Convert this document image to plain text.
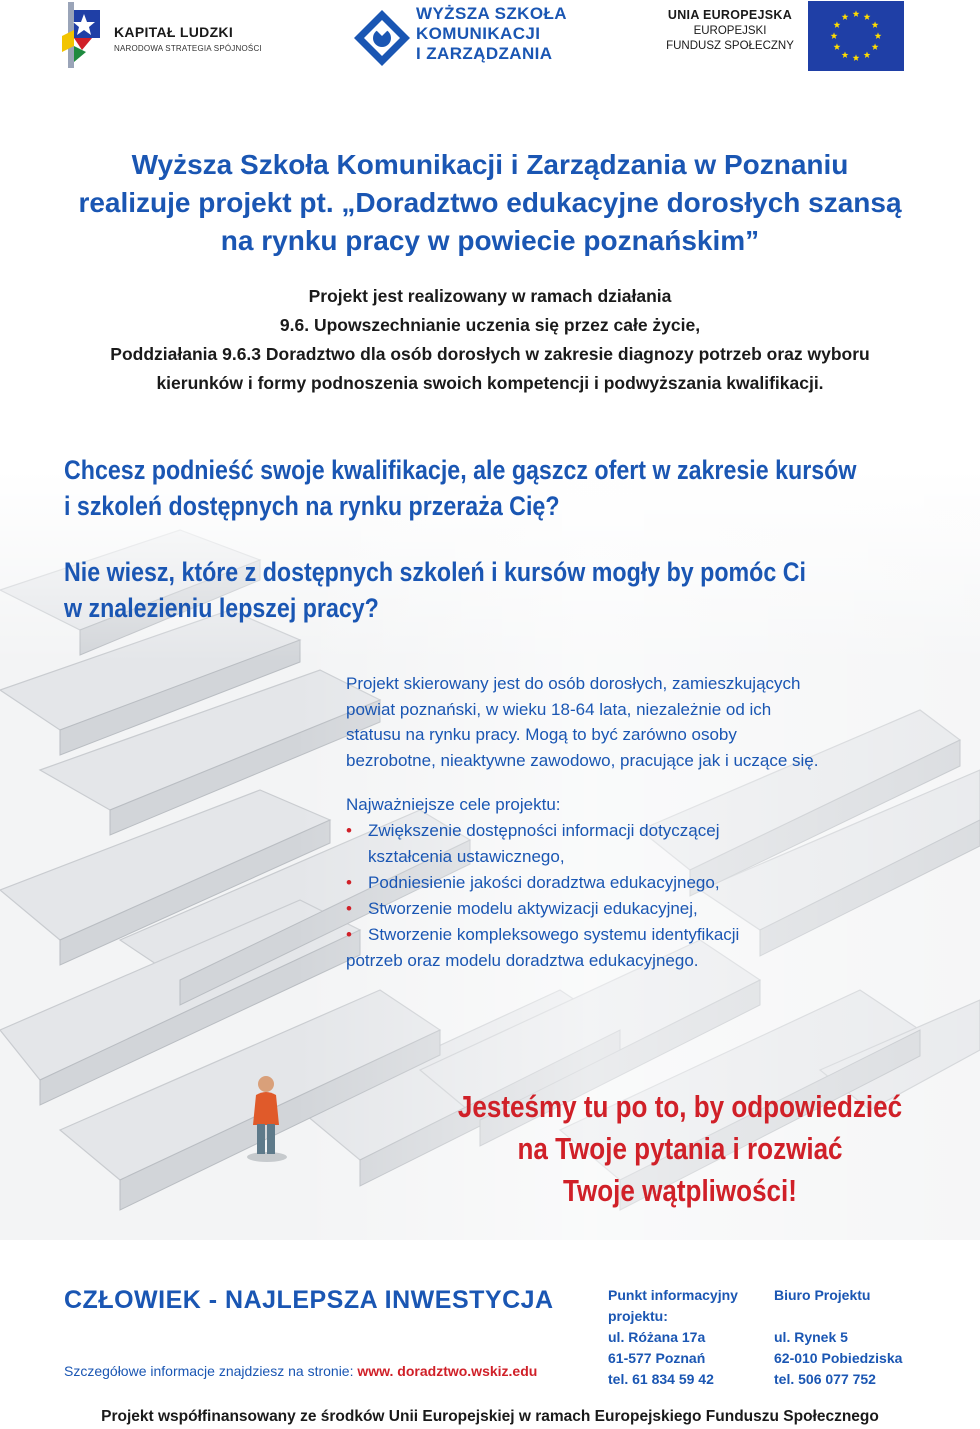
KAPITAŁ LUDZKI
NARODOWA STRATEGIA SPÓJNOŚCI
WYŻSZA SZKOŁA
KOMUNIKACJI
I ZARZĄDZANIA
UNIA EUROPEJSKA
EUROPEJSKI
FUNDUSZ SPOŁECZNY
Wyższa Szkoła Komunikacji i Zarządzania w Poznaniu
realizuje projekt pt. „Doradztwo edukacyjne dorosłych szansą
na rynku pracy w powiecie poznańskim”
Projekt jest realizowany w ramach działania
9.6. Upowszechnianie uczenia się przez całe życie,
Poddziałania 9.6.3 Doradztwo dla osób dorosłych w zakresie diagnozy potrzeb oraz wyboru
kierunków i formy podnoszenia swoich kompetencji i podwyższania kwalifikacji.
Chcesz podnieść swoje kwalifikacje, ale gąszcz ofert w zakresie kursów
i szkoleń dostępnych na rynku przeraża Cię?
Nie wiesz, które z dostępnych szkoleń i kursów mogły by pomóc Ci
w znalezieniu lepszej pracy?
Projekt skierowany jest do osób dorosłych, zamieszkujących
powiat poznański, w wieku 18-64 lata, niezależnie od ich
statusu na rynku pracy. Mogą to być zarówno osoby
bezrobotne, nieaktywne zawodowo, pracujące jak i uczące się.
Najważniejsze cele projektu:
• Zwiększenie dostępności informacji dotyczącej
kształcenia ustawicznego,
• Podniesienie jakości doradztwa edukacyjnego,
• Stworzenie modelu aktywizacji edukacyjnej,
• Stworzenie kompleksowego systemu identyfikacji
potrzeb oraz modelu doradztwa edukacyjnego.
Jesteśmy tu po to, by odpowiedzieć
na Twoje pytania i rozwiać
Twoje wątpliwości!
CZŁOWIEK - NAJLEPSZA INWESTYCJA
Szczegółowe informacje znajdziesz na stronie: www. doradztwo.wskiz.edu
Punkt informacyjny
projektu:
ul. Różana 17a
61-577 Poznań
tel. 61 834 59 42
Biuro Projektu
ul. Rynek 5
62-010 Pobiedziska
tel. 506 077 752
Projekt współfinansowany ze środków Unii Europejskiej w ramach Europejskiego Funduszu Społecznego
